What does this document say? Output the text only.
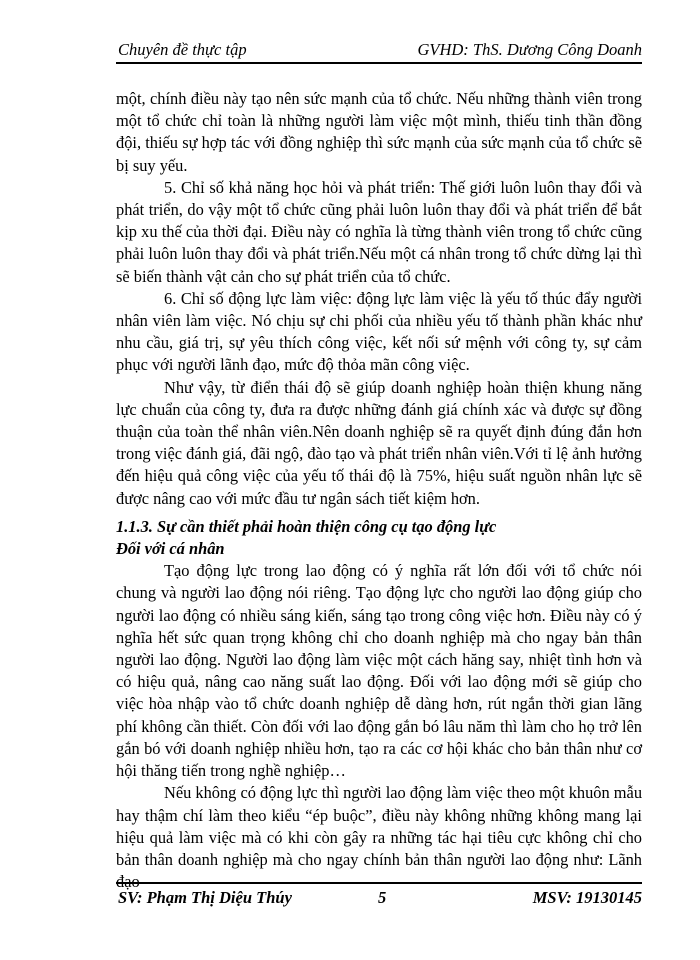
Chuyên đề thực tập	GVHD: ThS. Dương Công Doanh

một, chính điều này tạo nên sức mạnh của tổ chức. Nếu những thành viên trong một tổ chức chỉ toàn là những người làm việc một mình, thiếu tinh thần đồng đội, thiếu sự hợp tác với đồng nghiệp thì sức mạnh của sức mạnh của tổ chức sẽ bị suy yếu.

5. Chỉ số khả năng học hỏi và phát triển: Thế giới luôn luôn thay đổi và phát triển, do vậy một tổ chức cũng phải luôn luôn thay đổi và phát triển để bắt kịp xu thế của thời đại. Điều này có nghĩa là từng thành viên trong tổ chức cũng phải luôn luôn thay đổi và phát triển.Nếu một cá nhân trong tổ chức dừng lại thì sẽ biến thành vật cản cho sự phát triển của tổ chức.

6. Chỉ số động lực làm việc: động lực làm việc là yếu tố thúc đẩy người nhân viên làm việc. Nó chịu sự chi phối của nhiều yếu tố thành phần khác như nhu cầu, giá trị, sự yêu thích công việc, kết nối sứ mệnh với công ty, sự cảm phục với người lãnh đạo, mức độ thỏa mãn công việc.

Như vậy, từ điển thái độ sẽ giúp doanh nghiệp hoàn thiện khung năng lực chuẩn của công ty, đưa ra được những đánh giá chính xác và được sự đồng thuận của toàn thể nhân viên.Nên doanh nghiệp sẽ ra quyết định đúng đắn hơn trong việc đánh giá, đãi ngộ, đào tạo và phát triển nhân viên.Với tỉ lệ ảnh hưởng đến hiệu quả công việc của yếu tố thái độ là 75%, hiệu suất nguồn nhân lực sẽ được nâng cao với mức đầu tư ngân sách tiết kiệm hơn.

1.1.3. Sự cần thiết phải hoàn thiện công cụ tạo động lực

Đối với cá nhân

Tạo động lực trong lao động có ý nghĩa rất lớn đối với tổ chức nói chung và người lao động nói riêng. Tạo động lực cho người lao động giúp cho người lao động có nhiều sáng kiến, sáng tạo trong công việc hơn. Điều này có ý nghĩa hết sức quan trọng không chỉ cho doanh nghiệp mà cho ngay bản thân người lao động. Người lao động làm việc một cách hăng say, nhiệt tình hơn và có hiệu quả, nâng cao năng suất lao động. Đối với lao động mới sẽ giúp cho việc hòa nhập vào tổ chức doanh nghiệp dễ dàng hơn, rút ngắn thời gian lãng phí không cần thiết. Còn đối với lao động gắn bó lâu năm thì làm cho họ trở lên gắn bó với doanh nghiệp nhiều hơn, tạo ra các cơ hội khác cho bản thân như cơ hội thăng tiến trong nghề nghiệp…

Nếu không có động lực thì người lao động làm việc theo một khuôn mẫu hay thậm chí làm theo kiểu “ép buộc”, điều này không những không mang lại hiệu quả làm việc mà có khi còn gây ra những tác hại tiêu cực không chỉ cho bản thân doanh nghiệp mà cho ngay chính bản thân người lao động như: Lãnh đạo

SV: Phạm Thị Diệu Thúy	5	MSV: 19130145
